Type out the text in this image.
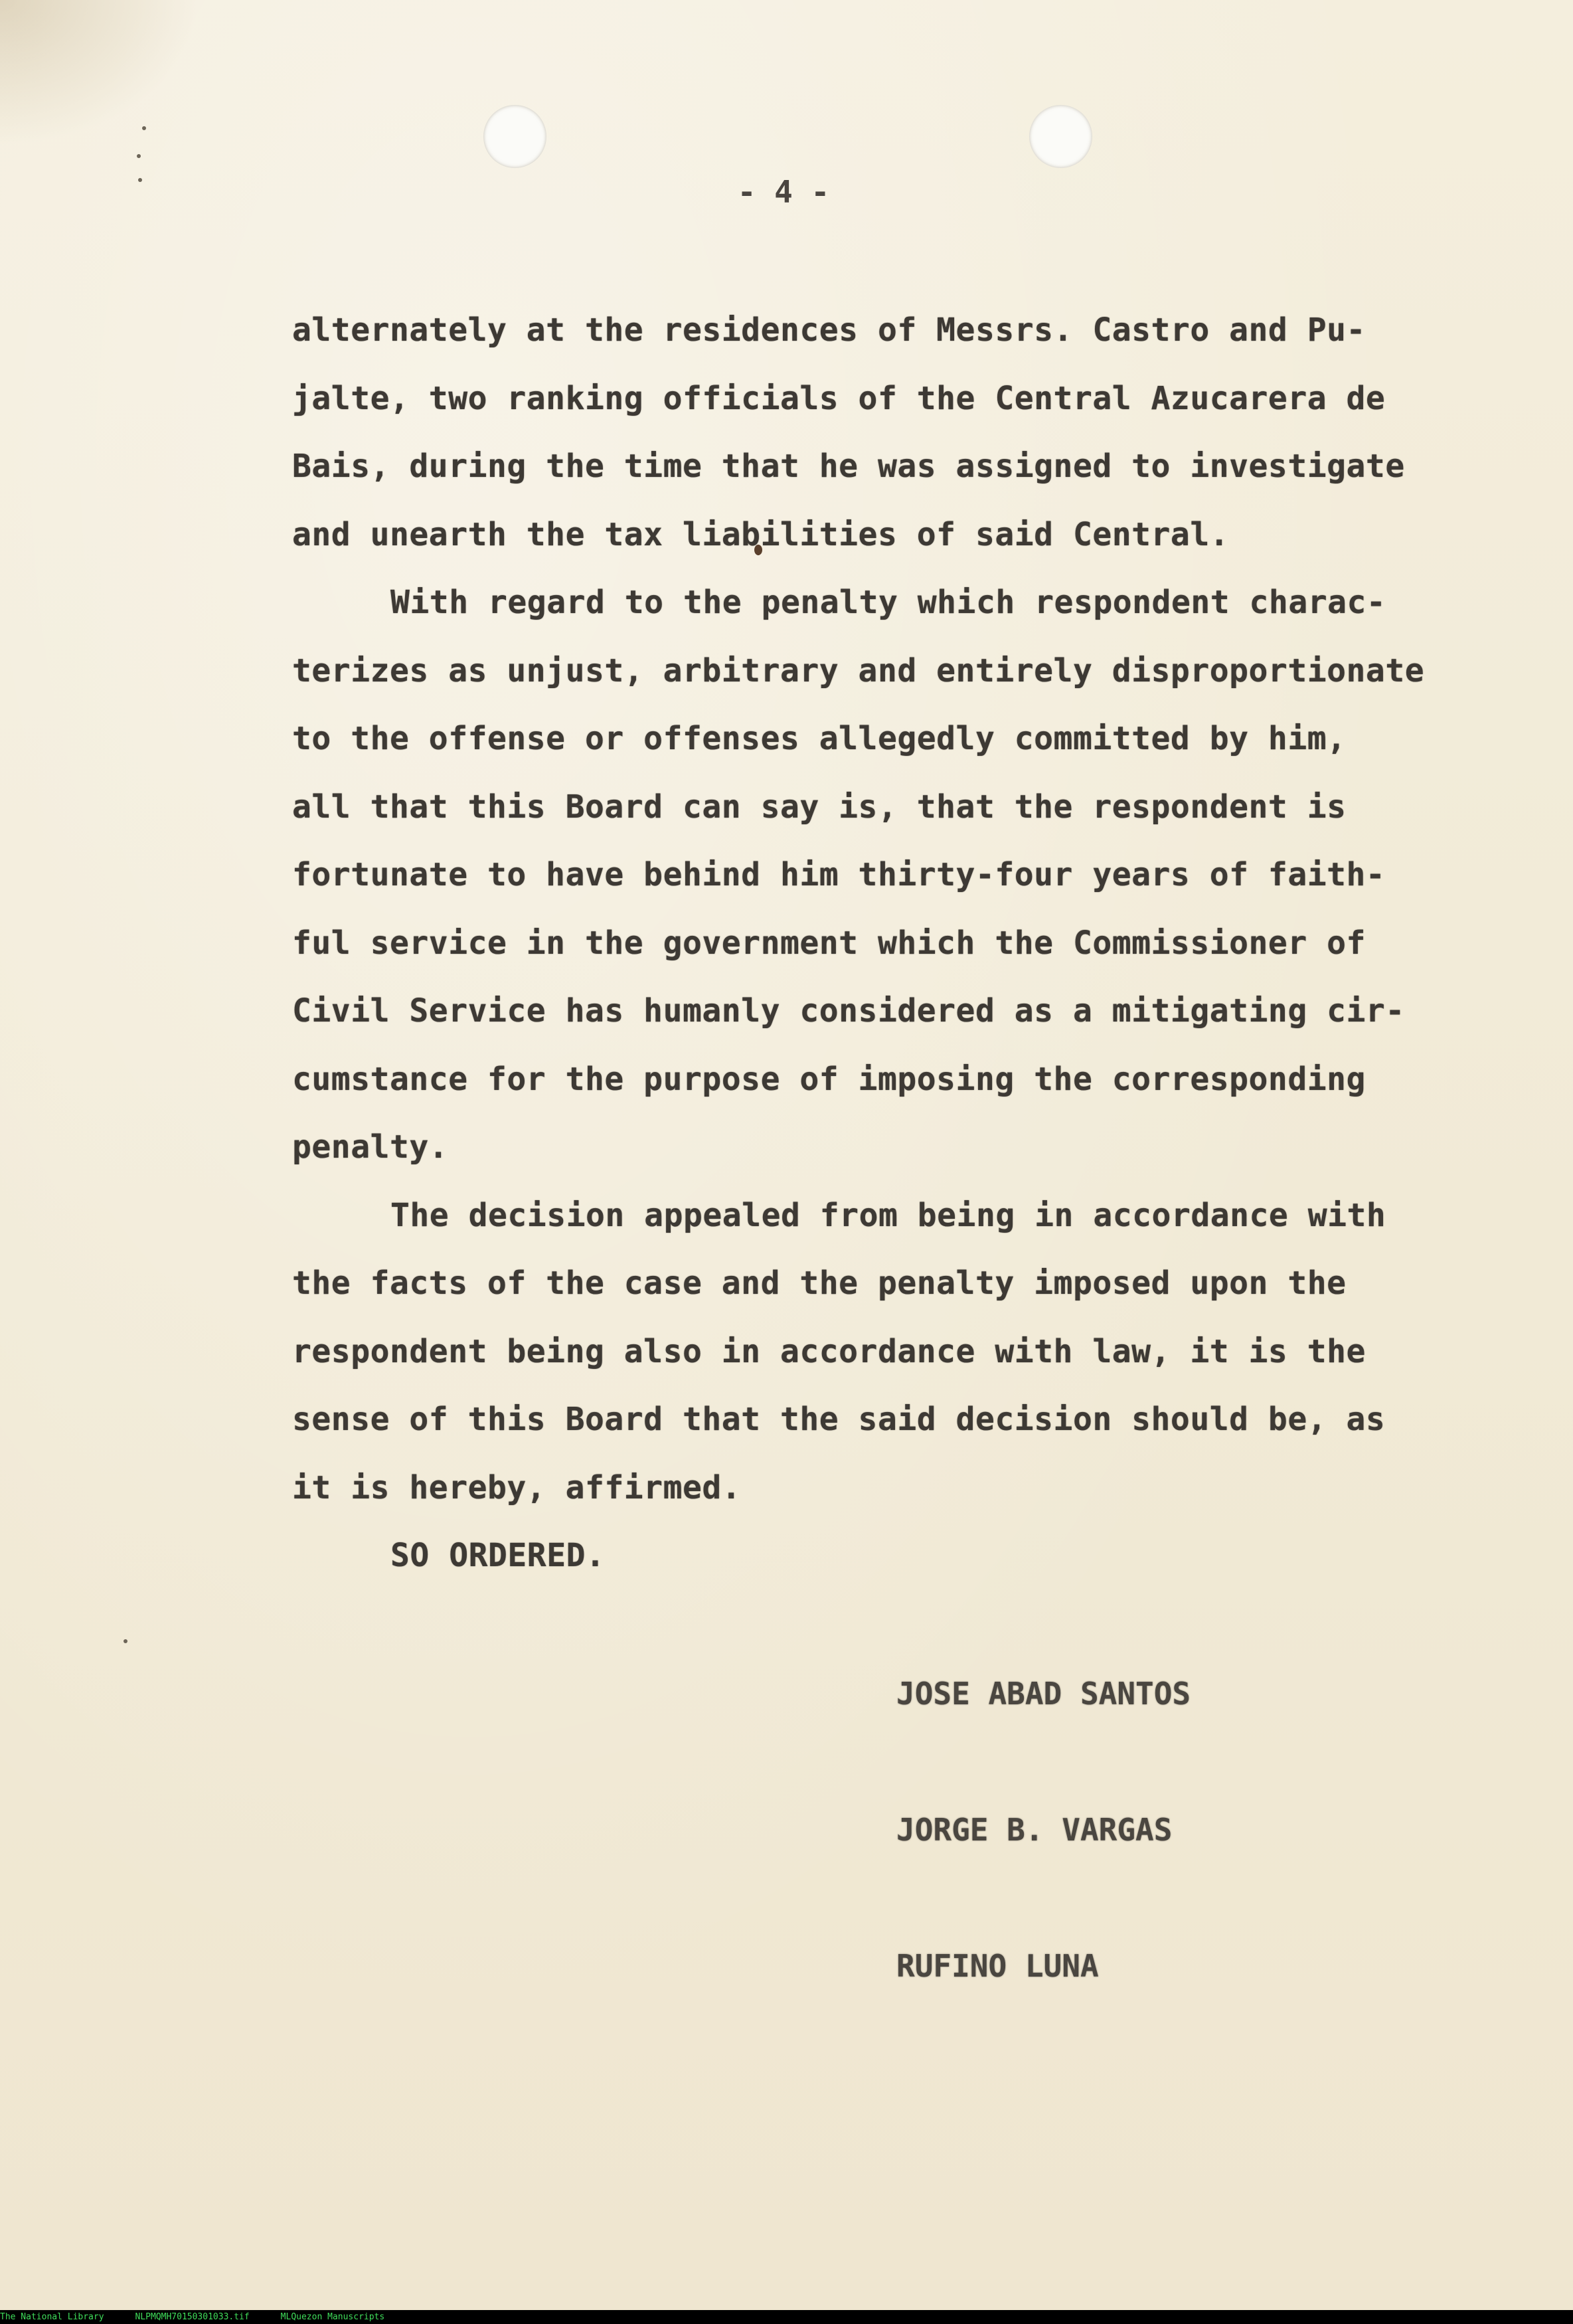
- 4 -
alternately at the residences of Messrs. Castro and Pu-
jalte, two ranking officials of the Central Azucarera de
Bais, during the time that he was assigned to investigate
and unearth the tax liabilities of said Central.
With regard to the penalty which respondent charac-
terizes as unjust, arbitrary and entirely disproportionate
to the offense or offenses allegedly committed by him,
all that this Board can say is, that the respondent is
fortunate to have behind him thirty-four years of faith-
ful service in the government which the Commissioner of
Civil Service has humanly considered as a mitigating cir-
cumstance for the purpose of imposing the corresponding
penalty.
The decision appealed from being in accordance with
the facts of the case and the penalty imposed upon the
respondent being also in accordance with law, it is the
sense of this Board that the said decision should be, as
it is hereby, affirmed.
SO ORDERED.
JOSE ABAD SANTOS
JORGE B. VARGAS
RUFINO LUNA
The National Library	NLPMQMH70150301033.tif	MLQuezon Manuscripts
